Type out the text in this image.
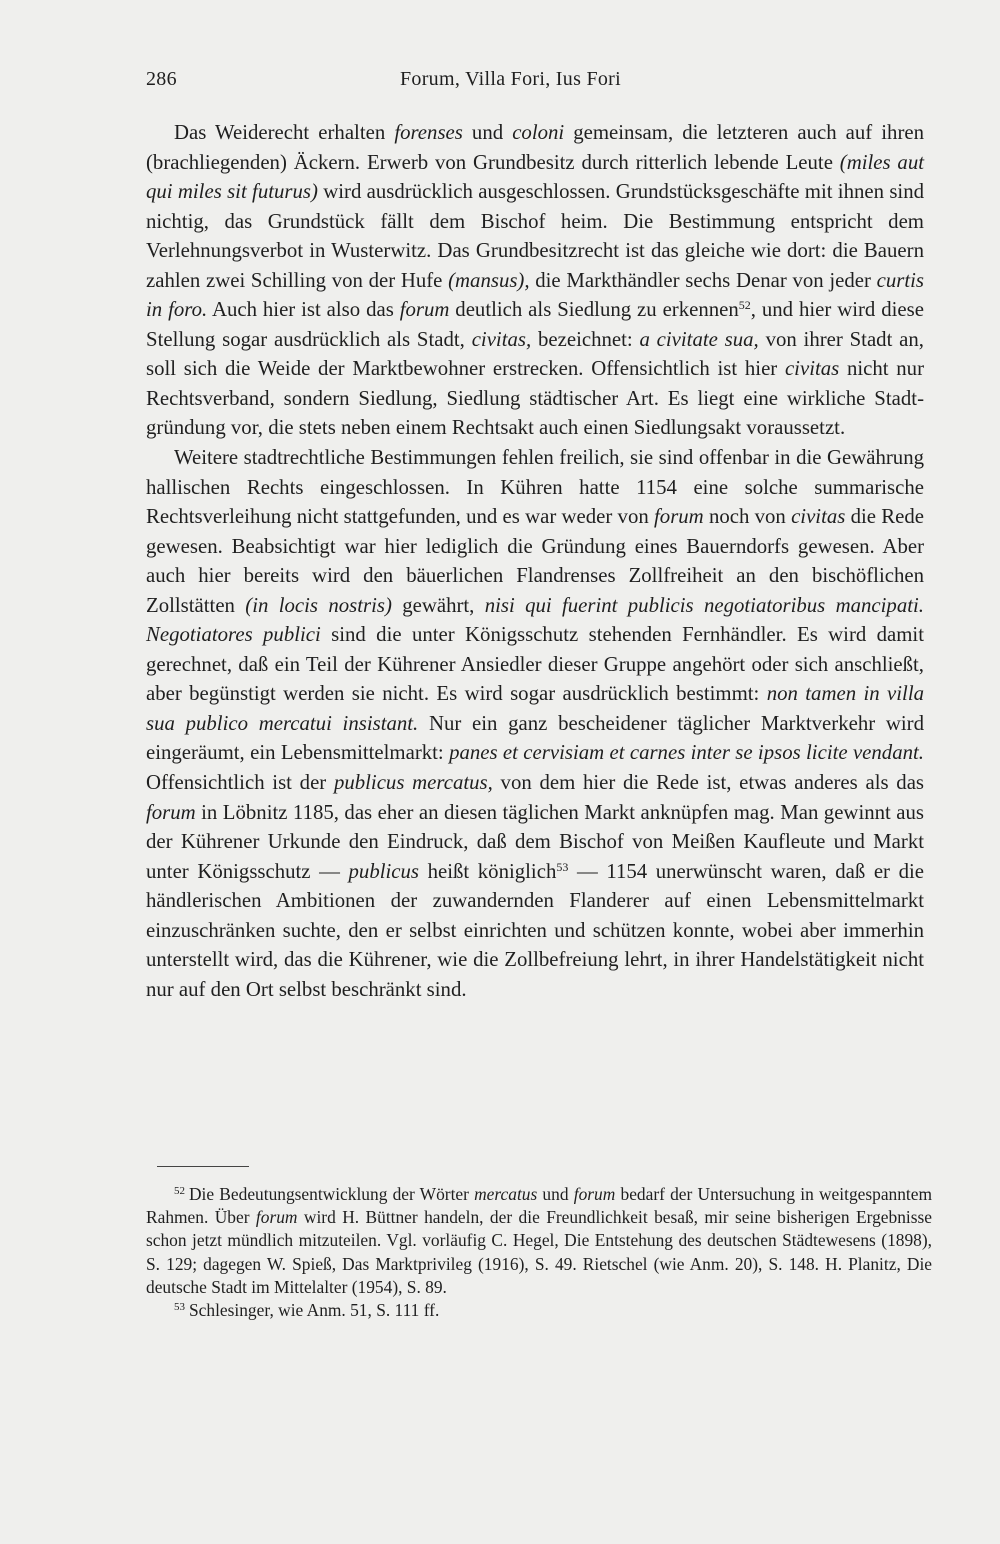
286	Forum, Villa Fori, Ius Fori

Das Weiderecht erhalten forenses und coloni gemeinsam, die letzteren auch auf ihren (brachliegenden) Äckern. Erwerb von Grundbesitz durch ritterlich lebende Leute (miles aut qui miles sit futurus) wird ausdrücklich ausgeschlossen. Grundstücksgeschäfte mit ihnen sind nichtig, das Grundstück fällt dem Bischof heim. Die Bestimmung entspricht dem Verlehnungsverbot in Wusterwitz. Das Grundbesitzrecht ist das gleiche wie dort: die Bauern zahlen zwei Schilling von der Hufe (mansus), die Markthändler sechs Denar von jeder curtis in foro. Auch hier ist also das forum deutlich als Siedlung zu erkennen$^{52}$, und hier wird diese Stellung sogar ausdrücklich als Stadt, civitas, bezeichnet: a civitate sua, von ihrer Stadt an, soll sich die Weide der Marktbewohner erstrecken. Offensichtlich ist hier civitas nicht nur Rechtsverband, sondern Siedlung, Siedlung städtischer Art. Es liegt eine wirkliche Stadtgründung vor, die stets neben einem Rechtsakt auch einen Siedlungsakt voraussetzt.

Weitere stadtrechtliche Bestimmungen fehlen freilich, sie sind offenbar in die Gewährung hallischen Rechts eingeschlossen. In Kühren hatte 1154 eine solche summarische Rechtsverleihung nicht stattgefunden, und es war weder von forum noch von civitas die Rede gewesen. Beabsichtigt war hier lediglich die Gründung eines Bauerndorfs gewesen. Aber auch hier bereits wird den bäuerlichen Flandrenses Zollfreiheit an den bischöflichen Zollstätten (in locis nostris) gewährt, nisi qui fuerint publicis negotiatoribus mancipati. Negotiatores publici sind die unter Königsschutz stehenden Fernhändler. Es wird damit gerechnet, daß ein Teil der Kührener Ansiedler dieser Gruppe angehört oder sich anschließt, aber begünstigt werden sie nicht. Es wird sogar ausdrücklich bestimmt: non tamen in villa sua publico mercatui insistant. Nur ein ganz bescheidener täglicher Marktverkehr wird eingeräumt, ein Lebensmittelmarkt: panes et cervisiam et carnes inter se ipsos licite vendant. Offensichtlich ist der publicus mercatus, von dem hier die Rede ist, etwas anderes als das forum in Löbnitz 1185, das eher an diesen täglichen Markt anknüpfen mag. Man gewinnt aus der Kührener Urkunde den Eindruck, daß dem Bischof von Meißen Kaufleute und Markt unter Königsschutz — publicus heißt königlich$^{53}$ — 1154 unerwünscht waren, daß er die händlerischen Ambitionen der zuwandernden Flanderer auf einen Lebensmittelmarkt einzuschränken suchte, den er selbst einrichten und schützen konnte, wobei aber immerhin unterstellt wird, das die Kührener, wie die Zollbefreiung lehrt, in ihrer Handelstätigkeit nicht nur auf den Ort selbst beschränkt sind.

$^{52}$ Die Bedeutungsentwicklung der Wörter mercatus und forum bedarf der Untersuchung in weitgespanntem Rahmen. Über forum wird H. Büttner handeln, der die Freundlichkeit besaß, mir seine bisherigen Ergebnisse schon jetzt mündlich mitzuteilen. Vgl. vorläufig C. Hegel, Die Entstehung des deutschen Städtewesens (1898), S. 129; dagegen W. Spieß, Das Marktprivileg (1916), S. 49. Rietschel (wie Anm. 20), S. 148. H. Planitz, Die deutsche Stadt im Mittelalter (1954), S. 89.

$^{53}$ Schlesinger, wie Anm. 51, S. 111 ff.
